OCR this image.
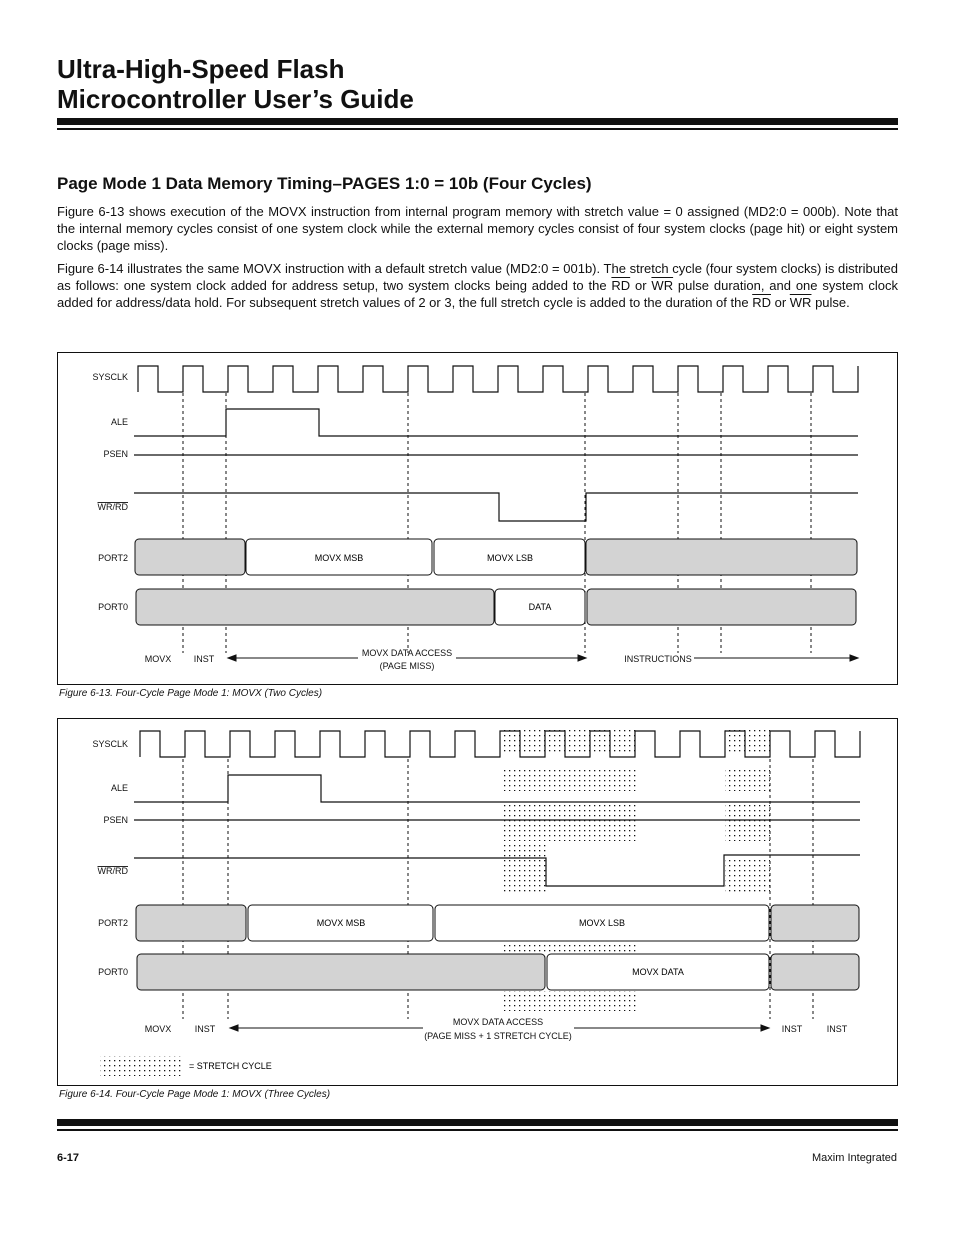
Ultra-High-Speed Flash
Microcontroller User’s Guide
Page Mode 1 Data Memory Timing–PAGES 1:0 = 10b (Four Cycles)

Figure 6-13 shows execution of the MOVX instruction from internal program memory with stretch value = 0 assigned (MD2:0 = 000b). Note that the internal memory cycles consist of one system clock while the external memory cycles consist of four system clocks (page hit) or eight system clocks (page miss).

Figure 6-14 illustrates the same MOVX instruction with a default stretch value (MD2:0 = 001b). The stretch cycle (four system clocks) is distributed as follows: one system clock added for address setup, two system clocks being added to the $\overline{RD}$ or $\overline{WR}$ pulse duration, and one system clock added for address/data hold. For subsequent stretch values of 2 or 3, the full stretch cycle is added to the duration of the $\overline{RD}$ or $\overline{WR}$ pulse.

SYSCLK
ALE
PSEN
WR/RD
PORT2
PORT0
MOVX MSB	MOVX LSB
DATA
MOVX INST
MOVX DATA ACCESS
(PAGE MISS)
INSTRUCTIONS

Figure 6-13. Four-Cycle Page Mode 1: MOVX (Two Cycles)

SYSCLK
ALE
PSEN
WR/RD
PORT2
PORT0
MOVX MSB	MOVX LSB
MOVX DATA
MOVX	INST
MOVX DATA ACCESS
(PAGE MISS + 1 STRETCH CYCLE)
INST	INST
= STRETCH CYCLE

Figure 6-14. Four-Cycle Page Mode 1: MOVX (Three Cycles)

6-17	Maxim Integrated
